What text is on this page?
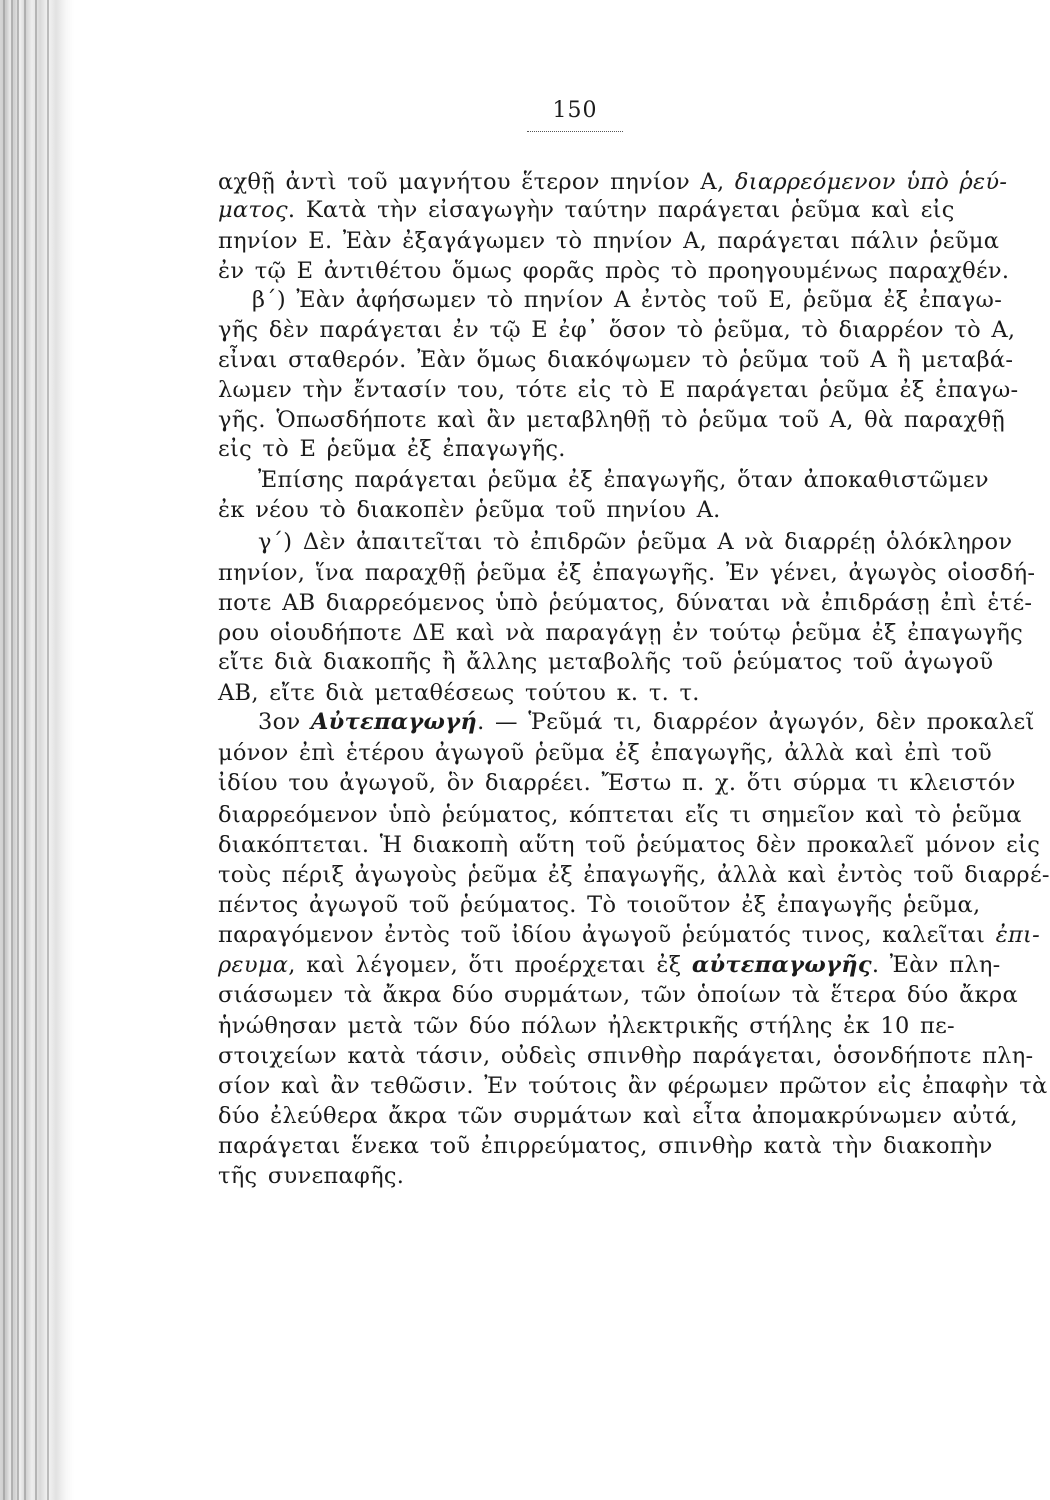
150
αχθῇ ἀντὶ τοῦ μαγνήτου ἕτερον πηνίον Α, διαρρεόμενον ὑπὸ ῥεύ-
ματος. Κατὰ τὴν εἰσαγωγὴν ταύτην παράγεται ῥεῦμα καὶ εἰς
πηνίον Ε. Ἐὰν ἐξαγάγωμεν τὸ πηνίον Α, παράγεται πάλιν ῥεῦμα
ἐν τῷ Ε ἀντιθέτου ὅμως φορᾶς πρὸς τὸ προηγουμένως παραχθέν.
β΄) Ἐὰν ἀφήσωμεν τὸ πηνίον Α ἐντὸς τοῦ Ε, ῥεῦμα ἐξ ἐπαγω-
γῆς δὲν παράγεται ἐν τῷ Ε ἐφ᾽ ὅσον τὸ ῥεῦμα, τὸ διαρρέον τὸ Α,
εἶναι σταθερόν. Ἐὰν ὅμως διακόψωμεν τὸ ῥεῦμα τοῦ Α ἢ μεταβά-
λωμεν τὴν ἔντασίν του, τότε εἰς τὸ Ε παράγεται ῥεῦμα ἐξ ἐπαγω-
γῆς. Ὁπωσδήποτε καὶ ἂν μεταβληθῇ τὸ ῥεῦμα τοῦ Α, θὰ παραχθῇ
εἰς τὸ Ε ῥεῦμα ἐξ ἐπαγωγῆς.
Ἐπίσης παράγεται ῥεῦμα ἐξ ἐπαγωγῆς, ὅταν ἀποκαθιστῶμεν
ἐκ νέου τὸ διακοπὲν ῥεῦμα τοῦ πηνίου Α.
γ΄) Δὲν ἀπαιτεῖται τὸ ἐπιδρῶν ῥεῦμα Α νὰ διαρρέῃ ὁλόκληρον
πηνίον, ἵνα παραχθῇ ῥεῦμα ἐξ ἐπαγωγῆς. Ἐν γένει, ἀγωγὸς οἱοσδή-
ποτε ΑΒ διαρρεόμενος ὑπὸ ῥεύματος, δύναται νὰ ἐπιδράσῃ ἐπὶ ἑτέ-
ρου οἱουδήποτε ΔΕ καὶ νὰ παραγάγῃ ἐν τούτῳ ῥεῦμα ἐξ ἐπαγωγῆς
εἴτε διὰ διακοπῆς ἢ ἄλλης μεταβολῆς τοῦ ῥεύματος τοῦ ἀγωγοῦ
ΑΒ, εἴτε διὰ μεταθέσεως τούτου κ. τ. τ.
3ον Αὐτεπαγωγή. — Ῥεῦμά τι, διαρρέον ἀγωγόν, δὲν προκαλεῖ
μόνον ἐπὶ ἑτέρου ἀγωγοῦ ῥεῦμα ἐξ ἐπαγωγῆς, ἀλλὰ καὶ ἐπὶ τοῦ
ἰδίου του ἀγωγοῦ, ὃν διαρρέει. Ἔστω π. χ. ὅτι σύρμα τι κλειστόν
διαρρεόμενον ὑπὸ ῥεύματος, κόπτεται εἴς τι σημεῖον καὶ τὸ ῥεῦμα
διακόπτεται. Ἡ διακοπὴ αὕτη τοῦ ῥεύματος δὲν προκαλεῖ μόνον εἰς
τοὺς πέριξ ἀγωγοὺς ῥεῦμα ἐξ ἐπαγωγῆς, ἀλλὰ καὶ ἐντὸς τοῦ διαρρέ-
πέντος ἀγωγοῦ τοῦ ῥεύματος. Τὸ τοιοῦτον ἐξ ἐπαγωγῆς ῥεῦμα,
παραγόμενον ἐντὸς τοῦ ἰδίου ἀγωγοῦ ῥεύματός τινος, καλεῖται ἐπι-
ρευμα, καὶ λέγομεν, ὅτι προέρχεται ἐξ αὐτεπαγωγῆς. Ἐὰν πλη-
σιάσωμεν τὰ ἄκρα δύο συρμάτων, τῶν ὁποίων τὰ ἕτερα δύο ἄκρα
ἡνώθησαν μετὰ τῶν δύο πόλων ἠλεκτρικῆς στήλης ἐκ 10 πε-
στοιχείων κατὰ τάσιν, οὐδεὶς σπινθὴρ παράγεται, ὁσονδήποτε πλη-
σίον καὶ ἂν τεθῶσιν. Ἐν τούτοις ἂν φέρωμεν πρῶτον εἰς ἐπαφὴν τὰ
δύο ἐλεύθερα ἄκρα τῶν συρμάτων καὶ εἶτα ἀπομακρύνωμεν αὐτά,
παράγεται ἕνεκα τοῦ ἐπιρρεύματος, σπινθὴρ κατὰ τὴν διακοπὴν
τῆς συνεπαφῆς.
